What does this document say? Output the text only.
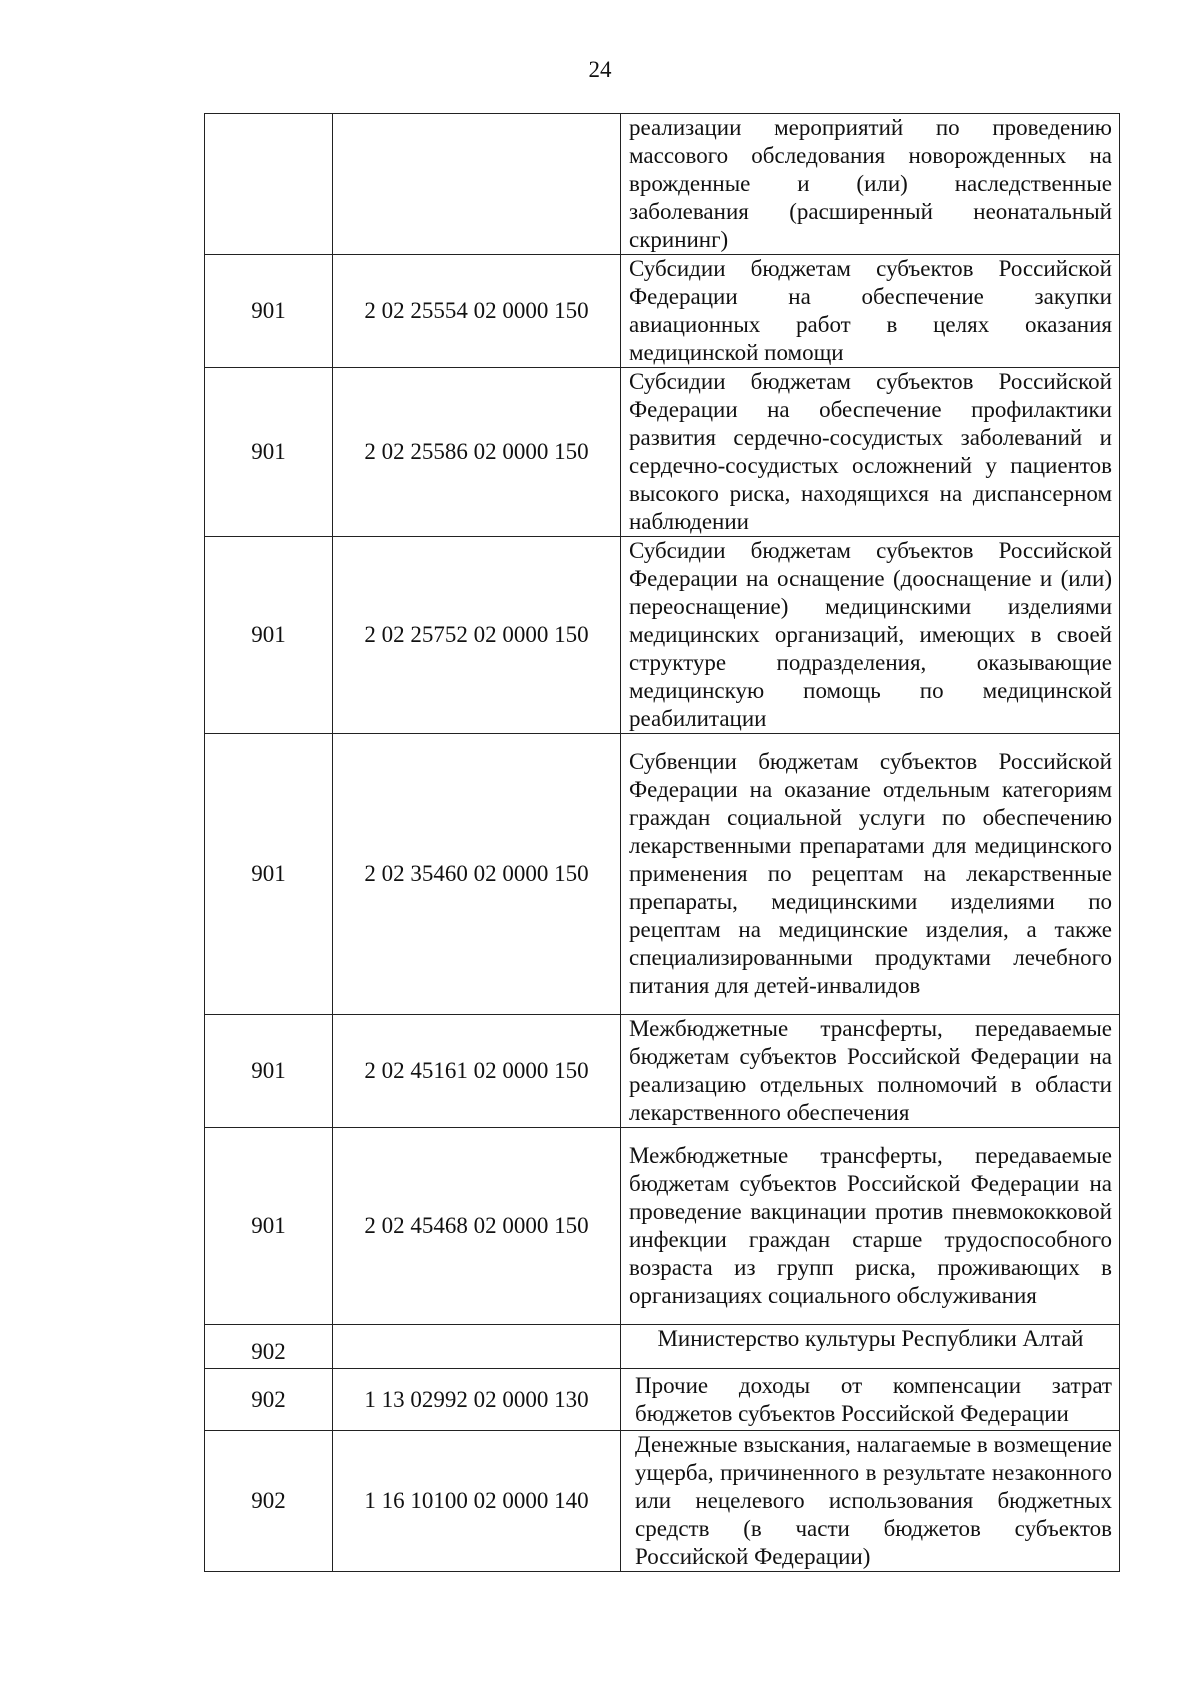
24
		реализации мероприятий по проведению массового обследования новорожденных на врожденные и (или) наследственные заболевания (расширенный неонатальный скрининг)
901	2 02 25554 02 0000 150	Субсидии бюджетам субъектов Российской Федерации на обеспечение закупки авиационных работ в целях оказания медицинской помощи
901	2 02 25586 02 0000 150	Субсидии бюджетам субъектов Российской Федерации на обеспечение профилактики развития сердечно-сосудистых заболеваний и сердечно-сосудистых осложнений у пациентов высокого риска, находящихся на диспансерном наблюдении
901	2 02 25752 02 0000 150	Субсидии бюджетам субъектов Российской Федерации на оснащение (дооснащение и (или) переоснащение) медицинскими изделиями медицинских организаций, имеющих в своей структуре подразделения, оказывающие медицинскую помощь по медицинской реабилитации
901	2 02 35460 02 0000 150	Субвенции бюджетам субъектов Российской Федерации на оказание отдельным категориям граждан социальной услуги по обеспечению лекарственными препаратами для медицинского применения по рецептам на лекарственные препараты, медицинскими изделиями по рецептам на медицинские изделия, а также специализированными продуктами лечебного питания для детей-инвалидов
901	2 02 45161 02 0000 150	Межбюджетные трансферты, передаваемые бюджетам субъектов Российской Федерации на реализацию отдельных полномочий в области лекарственного обеспечения
901	2 02 45468 02 0000 150	Межбюджетные трансферты, передаваемые бюджетам субъектов Российской Федерации на проведение вакцинации против пневмококковой инфекции граждан старше трудоспособного возраста из групп риска, проживающих в организациях социального обслуживания
902		Министерство культуры Республики Алтай
902	1 13 02992 02 0000 130	Прочие доходы от компенсации затрат бюджетов субъектов Российской Федерации
902	1 16 10100 02 0000 140	Денежные взыскания, налагаемые в возмещение ущерба, причиненного в результате незаконного или нецелевого использования бюджетных средств (в части бюджетов субъектов Российской Федерации)
